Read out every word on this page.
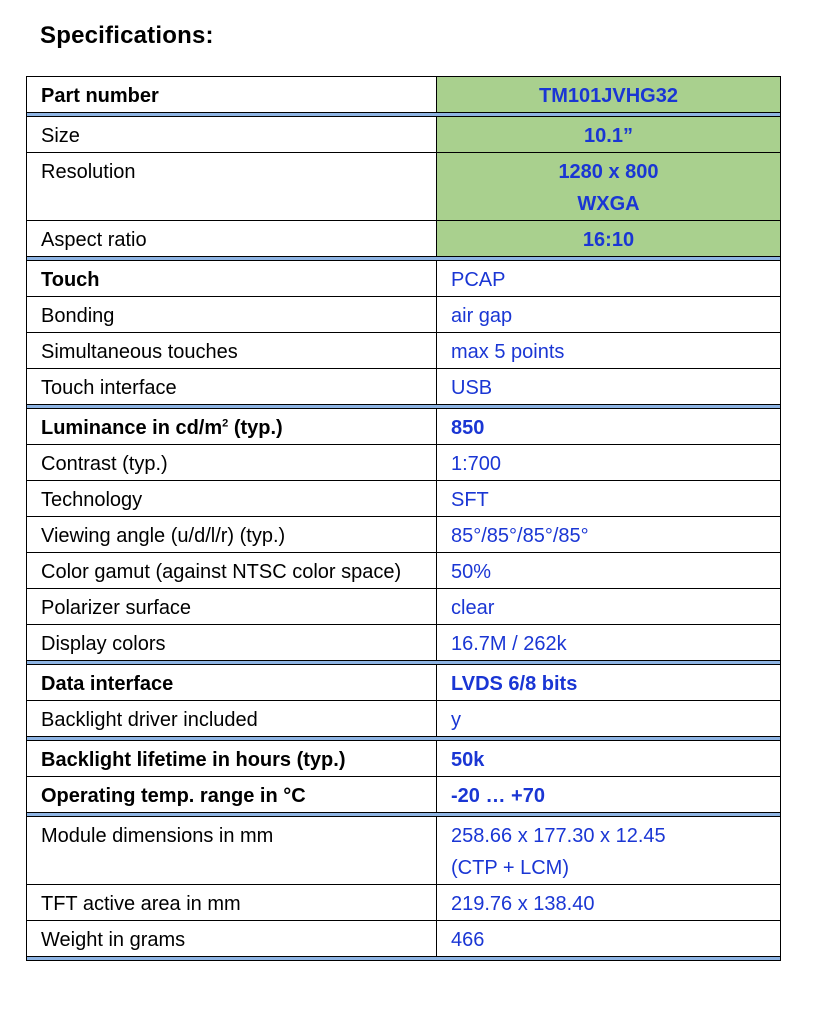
Specifications:
Part number	TM101JVHG32
Size	10.1”
Resolution	1280 x 800
WXGA
Aspect ratio	16:10
Touch	PCAP
Bonding	air gap
Simultaneous touches	max 5 points
Touch interface	USB
Luminance in $cd/m^2$ (typ.)	850
Contrast (typ.)	1:700
Technology	SFT
Viewing angle (u/d/l/r) (typ.)	85°/85°/85°/85°
Color gamut (against NTSC color space)	50%
Polarizer surface	clear
Display colors	16.7M / 262k
Data interface	LVDS 6/8 bits
Backlight driver included	y
Backlight lifetime in hours (typ.)	50k
Operating temp. range in °C	-20 … +70
Module dimensions in mm	258.66 x 177.30 x 12.45
(CTP + LCM)
TFT active area in mm	219.76 x 138.40
Weight in grams	466
